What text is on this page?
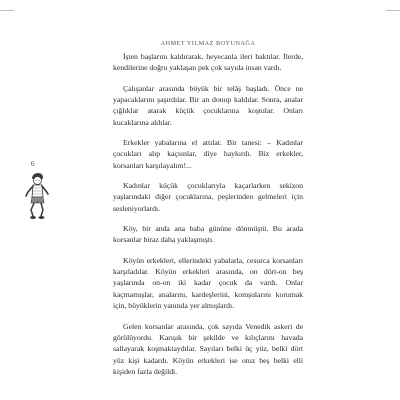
AHMET YILMAZ BOYUNAĞA

İşten başlarını kaldırarak, heyecanla ileri baktılar. İlerde, kendilerine doğru yaklaşan pek çok sayıda insan vardı.

Çalışanlar arasında büyük bir telâş başladı. Önce ne yapacaklarını şaşırdılar. Bir an donup kaldılar. Sonra, analar çığlıklar atarak küçük çocuklarına koştular. Onları kucaklarına aldılar.

Erkekler yabalarına el attılar. Bir tanesi: – Kadınlar çocukları alıp kaçsınlar, diye haykırdı. Biz erkekler, korsanları karşılayalım!...

Kadınlar küçük çocuklarıyla kaçarlarken sekizon yaşlarındaki diğer çocuklarına, peşlerinden gelmeleri için sesleniyorlardı.

Köy, bir anda ana baba gününe dönmüştü. Bu arada korsanlar biraz daha yaklaşmıştı.

Köyün erkekleri, ellerindeki yabalarla, cesurca korsanları karşıladılar. Köyün erkekleri arasında, on dört-on beş yaşlarında on-on iki kadar çocuk da vardı. Onlar kaçmamışlar, analarını, kardeşlerini, komşularını korumak için, büyüklerin yanında yer almışlardı.

Gelen korsanlar arasında, çok sayıda Venedik askeri de görülüyordu. Karışık bir şekilde ve kılıçlarını havada sallayarak koşmaktaydılar. Sayıları belki üç yüz, belki dört yüz kişi kadardı. Köyün erkekleri ise otuz beş belki elli kişiden fazla değildi.

6
